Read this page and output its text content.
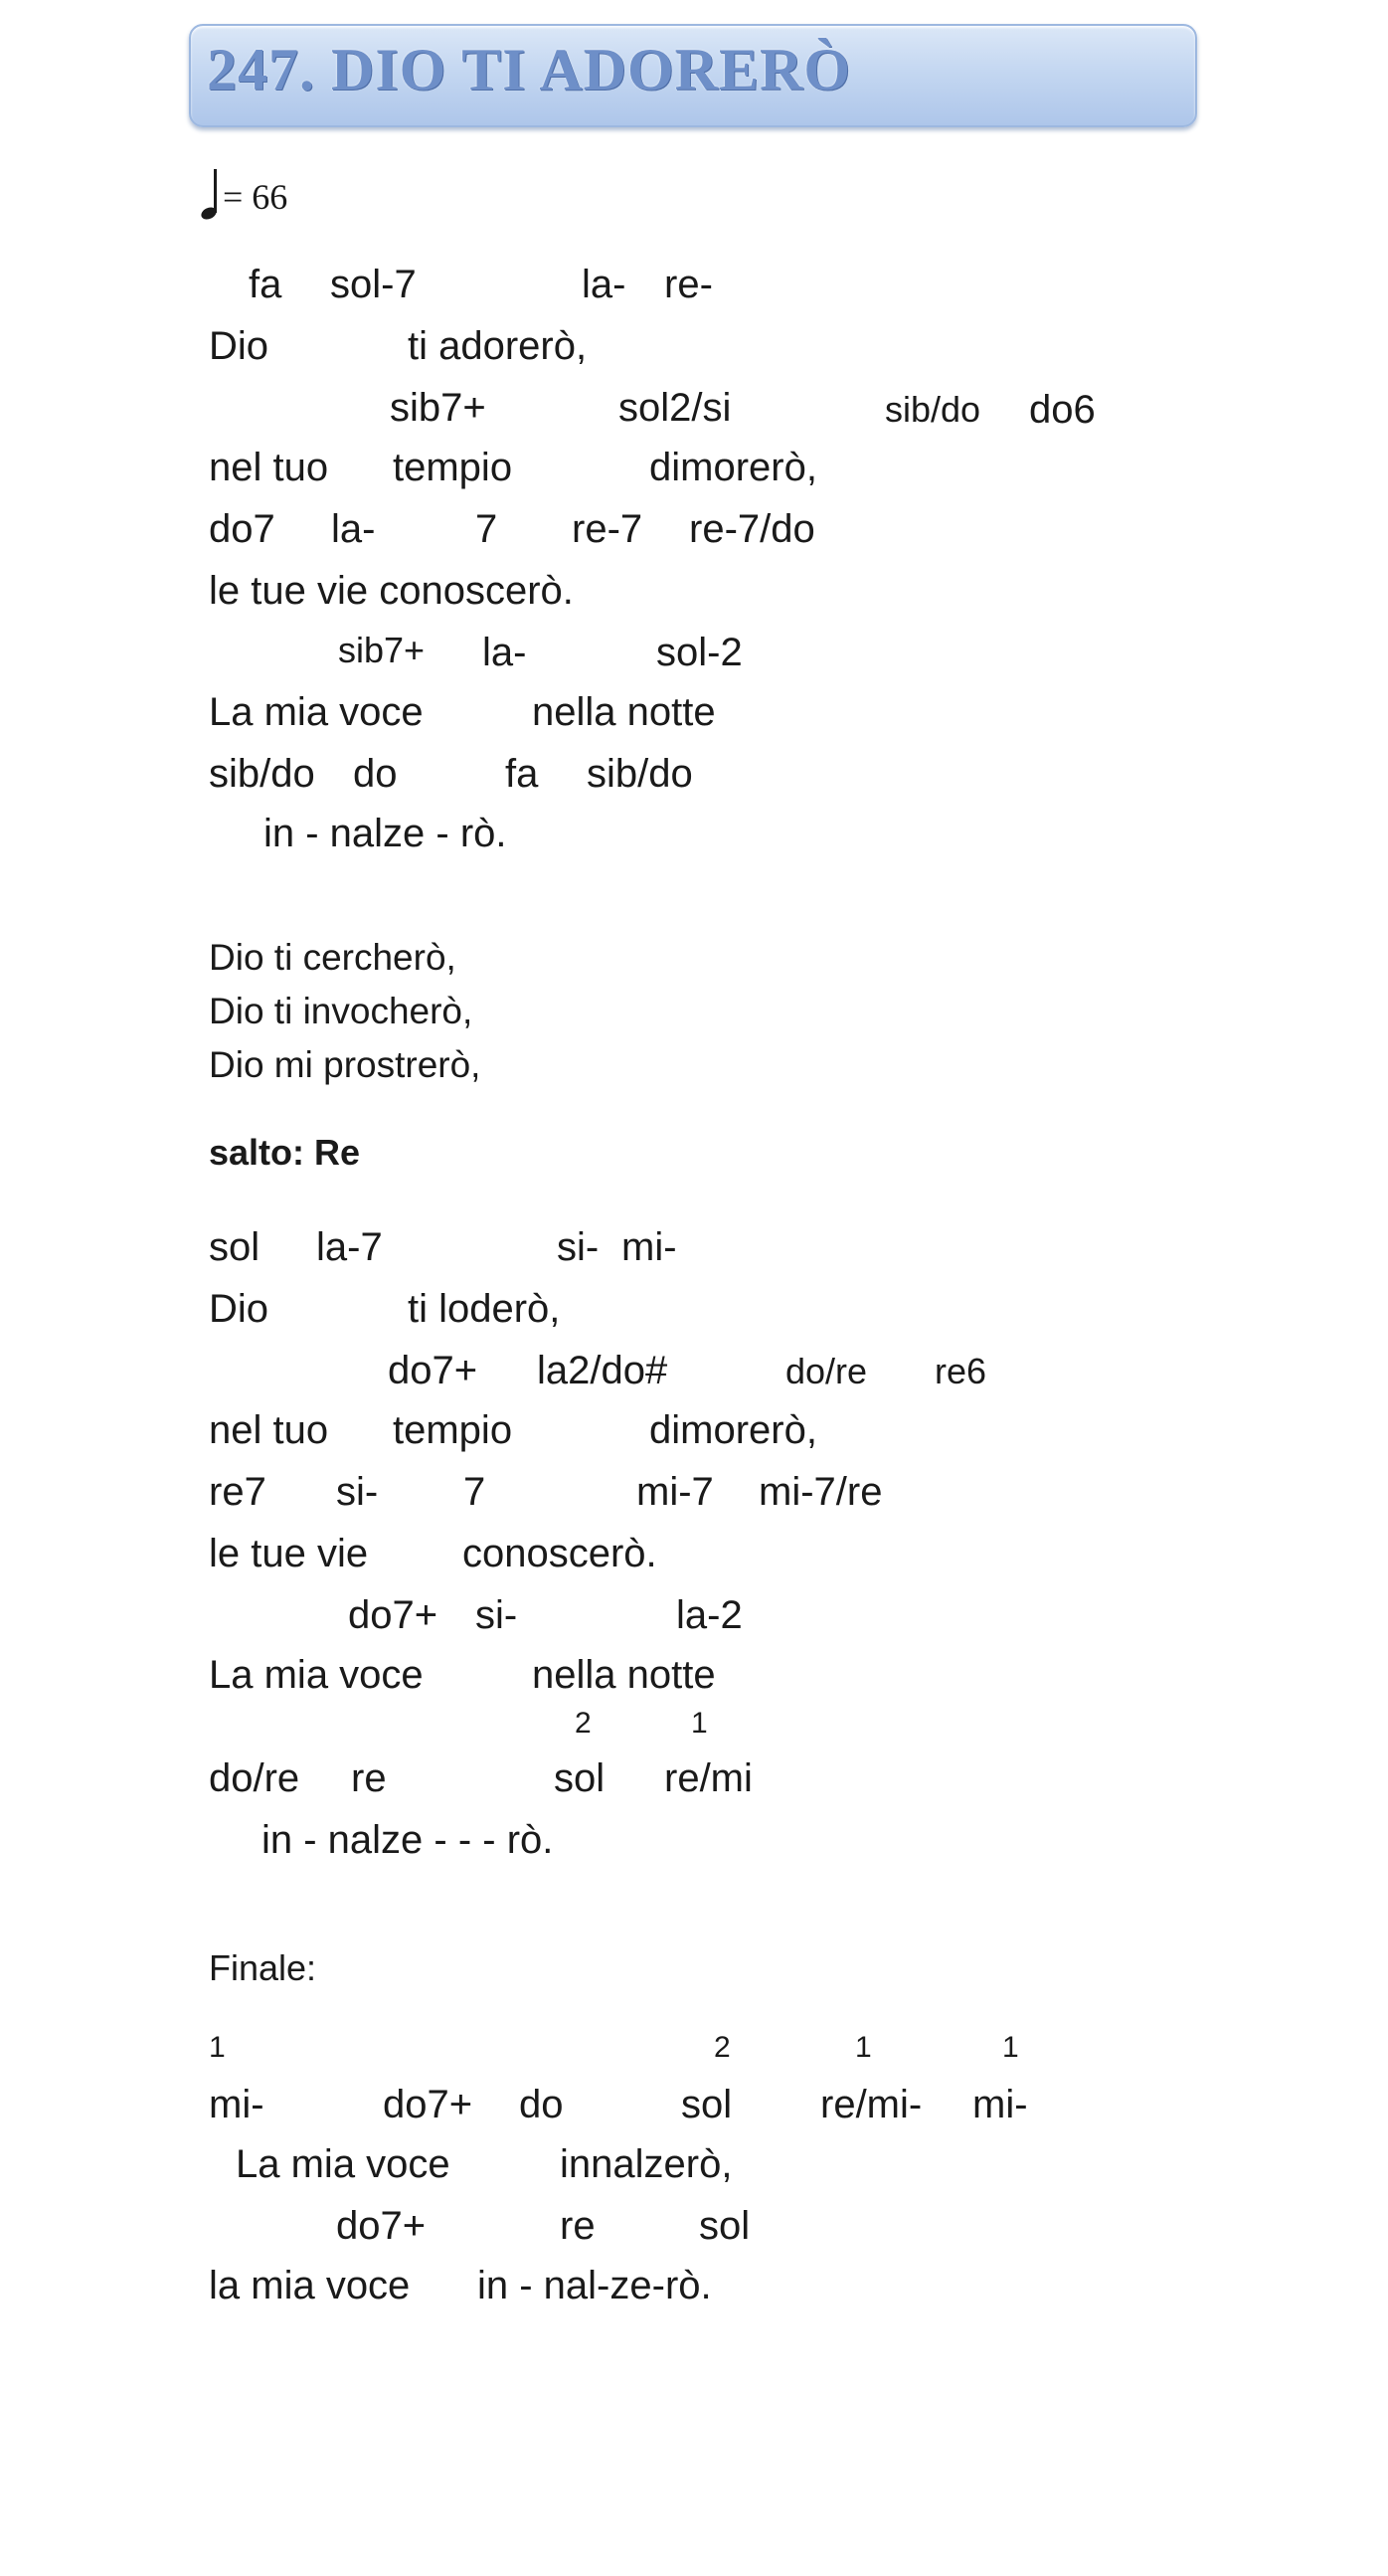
247. DIO TI ADORERÒ
= 66
fa sol-7	la- re-
Dio	ti adorerò,
sib7+	sol2/si	sib/do do6
nel tuo tempio	dimorerò,
do7 la-	7 re-7 re-7/do
le tue vie conoscerò.
sib7+ la-	sol-2
La mia voce	nella notte
sib/do do	fa sib/do
in - nalze - rò.
Dio ti cercherò,
Dio ti invocherò,
Dio mi prostrerò,
salto: Re
sol la-7	si- mi-
Dio	ti loderò,
do7+ la2/do#	do/re re6
nel tuo tempio	dimorerò,
re7 si- 7	mi-7 mi-7/re
le tue vie conoscerò.
do7+ si-	la-2
La mia voce	nella notte
2	1
do/re re	sol re/mi
in - nalze - - - rò.
Finale:
1	2	1	1
mi-	do7+ do	sol re/mi- mi-
La mia voce	innalzerò,
do7+	re	sol
la mia voce in - nal-ze-rò.
